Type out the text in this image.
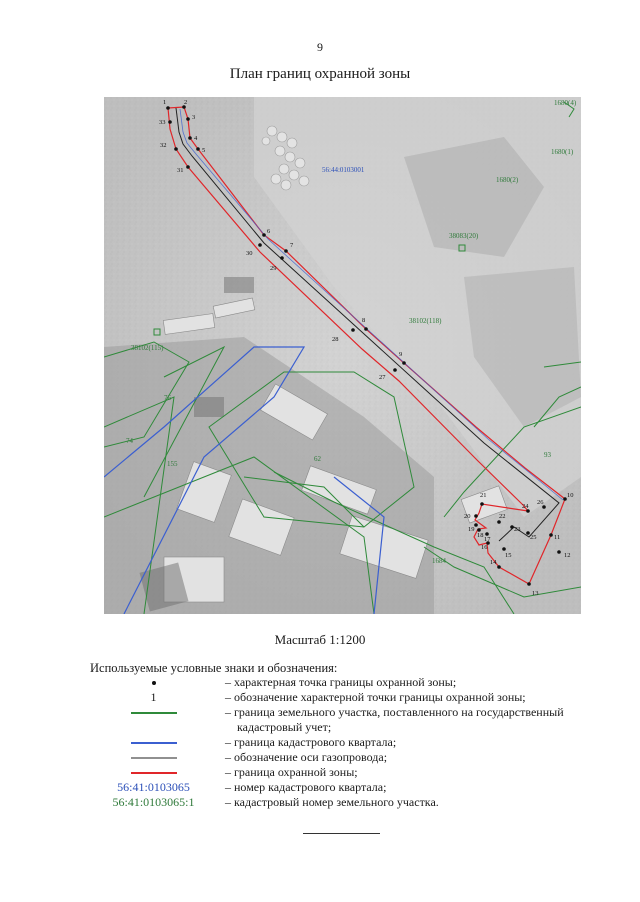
9
План границ охранной зоны
1	2
3
4
5
6
7
8
9
10
11
12
13
14
15
16
17
18
19
20
21
22
23
24
25
26
27
28
29
30
31
32
33
56:44:0103001
1680(4)
1680(1)
1680(2)
38083(20)
38102(118)
38102(115)
76
74
155
62	93
1684
Масштаб 1:1200
Используемые условные знаки и обозначения:
– характерная точка границы охранной зоны;
1	– обозначение характерной точки границы охранной зоны;
– граница земельного участка, поставленного на государственный
кадастровый учет;
– граница кадастрового квартала;
– обозначение оси газопровода;
– граница охранной зоны;
56:41:0103065	– номер кадастрового квартала;
56:41:0103065:1	– кадастровый номер земельного участка.
